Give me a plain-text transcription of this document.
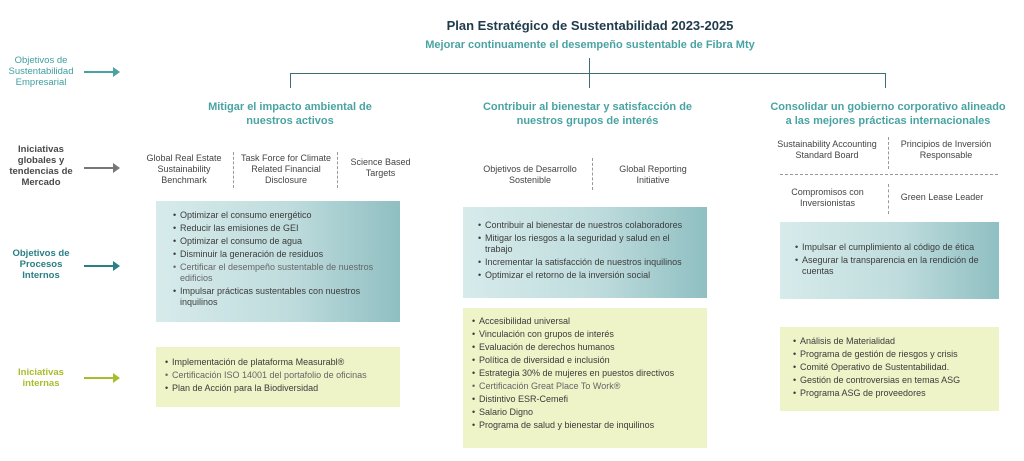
Plan Estratégico de Sustentabilidad 2023-2025
Mejorar continuamente el desempeño sustentable de Fibra Mty
Objetivos de Sustentabilidad Empresarial
Iniciativas globales y tendencias de Mercado
Objetivos de Procesos Internos
Iniciativas internas
Mitigar el impacto ambiental de nuestros activos
Contribuir al bienestar y satisfacción de nuestros grupos de interés
Consolidar un gobierno corporativo alineado a las mejores prácticas internacionales
Global Real Estate Sustainability Benchmark
Task Force for Climate Related Financial Disclosure
Science Based Targets	Objetivos de Desarrollo Sostenible
Global Reporting Initiative
Sustainability Accounting Standard Board
Principios de Inversión Responsable
Compromisos con Inversionistas
Green Lease Leader
• Optimizar el consumo energético
• Reducir las emisiones de GEI
• Optimizar el consumo de agua
• Disminuir la generación de residuos
• Certificar el desempeño sustentable de nuestros edificios
• Impulsar prácticas sustentables con nuestros inquilinos
• Contribuir al bienestar de nuestros colaboradores
• Mitigar los riesgos a la seguridad y salud en el trabajo
• Incrementar la satisfacción de nuestros inquilinos
• Optimizar el retorno de la inversión social
• Impulsar el cumplimiento al código de ética
• Asegurar la transparencia en la rendición de cuentas
• Implementación de plataforma Measurabl®
• Certificación ISO 14001 del portafolio de oficinas
• Plan de Acción para la Biodiversidad
• Accesibilidad universal
• Vinculación con grupos de interés
• Evaluación de derechos humanos
• Política de diversidad e inclusión
• Estrategia 30% de mujeres en puestos directivos
• Certificación Great Place To Work®
• Distintivo ESR-Cemefi
• Salario Digno
• Programa de salud y bienestar de inquilinos
• Análisis de Materialidad
• Programa de gestión de riesgos y crisis
• Comité Operativo de Sustentabilidad.
• Gestión de controversias en temas ASG
• Programa ASG de proveedores
